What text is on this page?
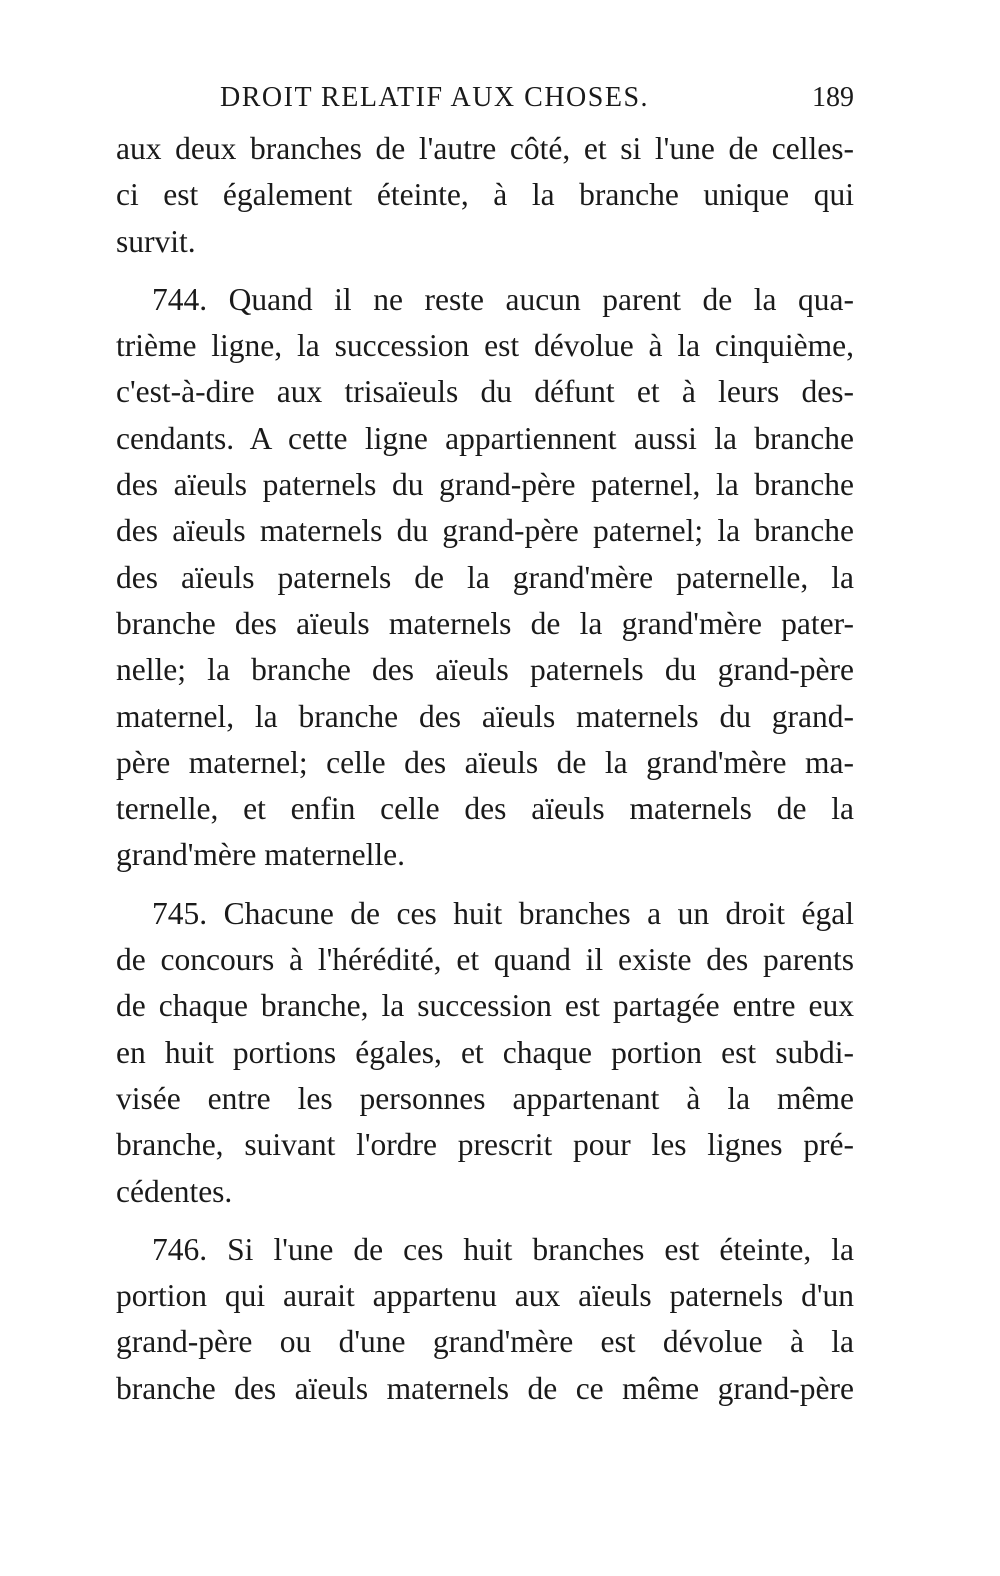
DROIT RELATIF AUX CHOSES.	189

aux deux branches de l'autre côté, et si l'une de celles-
ci est également éteinte, à la branche unique qui
survit.

744. Quand il ne reste aucun parent de la qua-
trième ligne, la succession est dévolue à la cinquième,
c'est-à-dire aux trisaïeuls du défunt et à leurs des-
cendants. A cette ligne appartiennent aussi la branche
des aïeuls paternels du grand-père paternel, la branche
des aïeuls maternels du grand-père paternel; la branche
des aïeuls paternels de la grand'mère paternelle, la
branche des aïeuls maternels de la grand'mère pater-
nelle; la branche des aïeuls paternels du grand-père
maternel, la branche des aïeuls maternels du grand-
père maternel; celle des aïeuls de la grand'mère ma-
ternelle, et enfin celle des aïeuls maternels de la
grand'mère maternelle.

745. Chacune de ces huit branches a un droit égal
de concours à l'hérédité, et quand il existe des parents
de chaque branche, la succession est partagée entre eux
en huit portions égales, et chaque portion est subdi-
visée entre les personnes appartenant à la même
branche, suivant l'ordre prescrit pour les lignes pré-
cédentes.

746. Si l'une de ces huit branches est éteinte, la
portion qui aurait appartenu aux aïeuls paternels d'un
grand-père ou d'une grand'mère est dévolue à la
branche des aïeuls maternels de ce même grand-père
